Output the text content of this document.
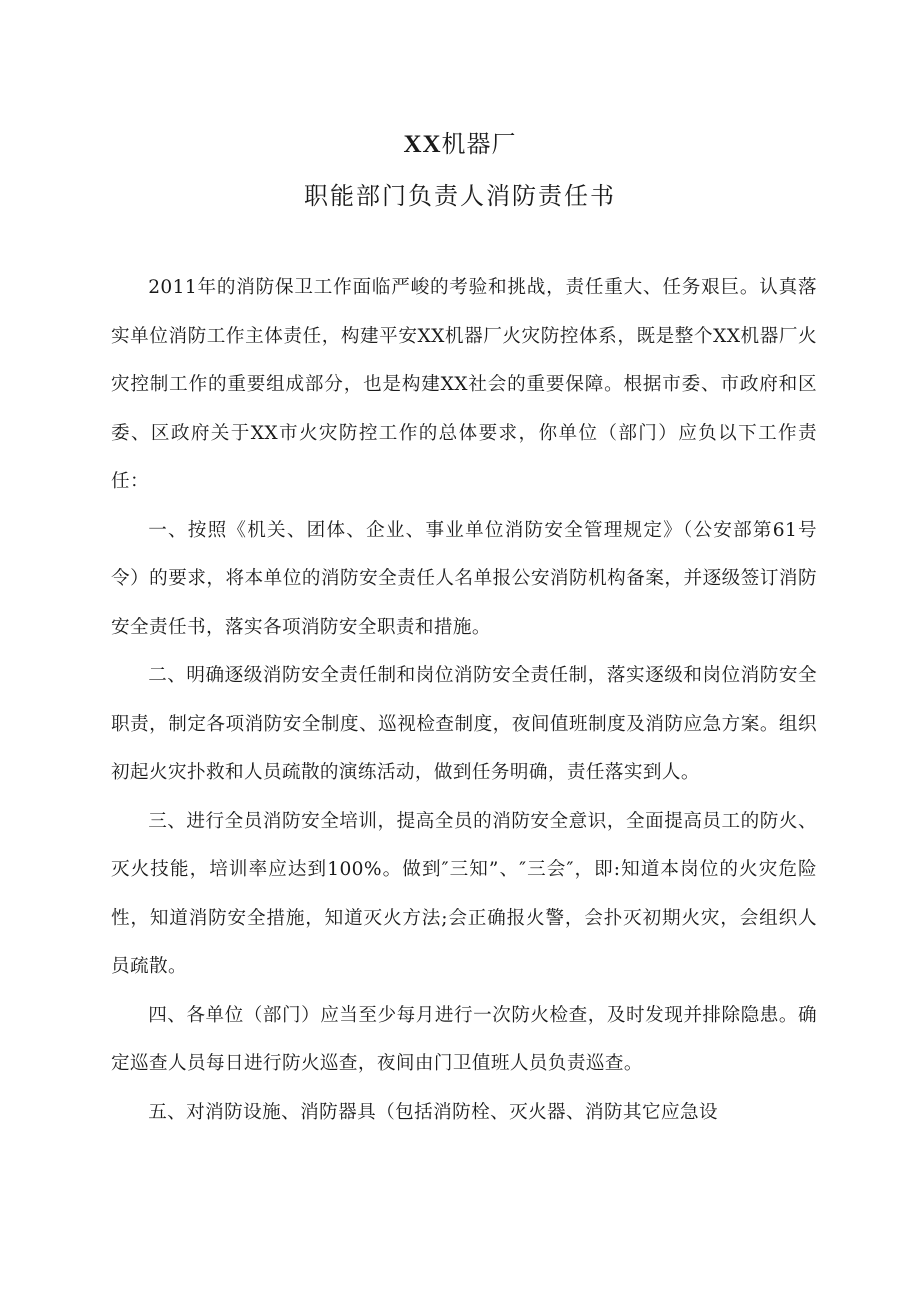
XX机器厂
职能部门负责人消防责任书

2011年的消防保卫工作面临严峻的考验和挑战，责任重大、任务艰巨。认真落实单位消防工作主体责任，构建平安XX机器厂火灾防控体系，既是整个XX机器厂火灾控制工作的重要组成部分，也是构建XX社会的重要保障。根据市委、市政府和区委、区政府关于XX市火灾防控工作的总体要求，你单位（部门）应负以下工作责任：

一、按照《机关、团体、企业、事业单位消防安全管理规定》（公安部第61号令）的要求，将本单位的消防安全责任人名单报公安消防机构备案，并逐级签订消防安全责任书，落实各项消防安全职责和措施。

二、明确逐级消防安全责任制和岗位消防安全责任制，落实逐级和岗位消防安全职责，制定各项消防安全制度、巡视检查制度，夜间值班制度及消防应急方案。组织初起火灾扑救和人员疏散的演练活动，做到任务明确，责任落实到人。

三、进行全员消防安全培训，提高全员的消防安全意识，全面提高员工的防火、灭火技能，培训率应达到100%。做到″三知”、″三会″，即:知道本岗位的火灾危险性，知道消防安全措施，知道灭火方法;会正确报火警，会扑灭初期火灾，会组织人员疏散。

四、各单位（部门）应当至少每月进行一次防火检查，及时发现并排除隐患。确定巡查人员每日进行防火巡查，夜间由门卫值班人员负责巡查。

五、对消防设施、消防器具（包括消防栓、灭火器、消防其它应急设
